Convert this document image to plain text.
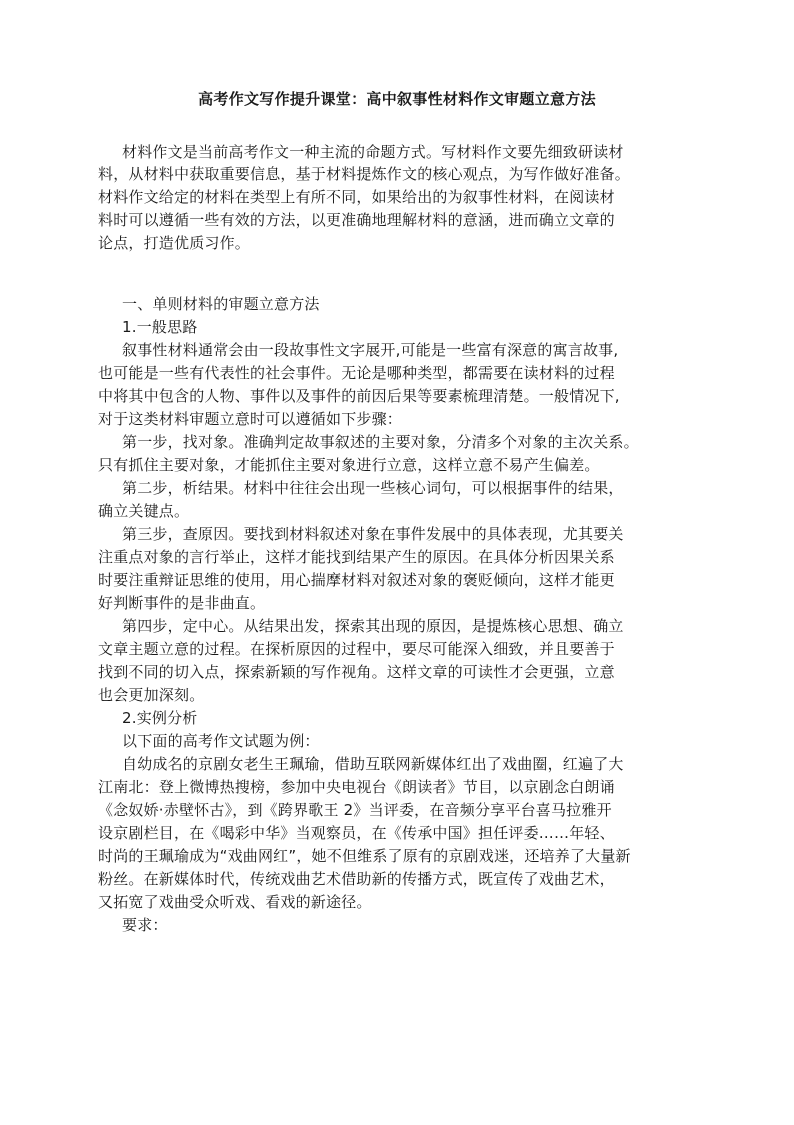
高考作文写作提升课堂：高中叙事性材料作文审题立意方法
材料作文是当前高考作文一种主流的命题方式。写材料作文要先细致研读材
料，从材料中获取重要信息，基于材料提炼作文的核心观点，为写作做好准备。
材料作文给定的材料在类型上有所不同，如果给出的为叙事性材料，在阅读材
料时可以遵循一些有效的方法，以更准确地理解材料的意涵，进而确立文章的
论点，打造优质习作。
一、单则材料的审题立意方法
1.一般思路
叙事性材料通常会由一段故事性文字展开,可能是一些富有深意的寓言故事,
也可能是一些有代表性的社会事件。无论是哪种类型，都需要在读材料的过程
中将其中包含的人物、事件以及事件的前因后果等要素梳理清楚。一般情况下,
对于这类材料审题立意时可以遵循如下步骤：
第一步，找对象。准确判定故事叙述的主要对象，分清多个对象的主次关系。
只有抓住主要对象，才能抓住主要对象进行立意，这样立意不易产生偏差。
第二步，析结果。材料中往往会出现一些核心词句，可以根据事件的结果，
确立关键点。
第三步，查原因。要找到材料叙述对象在事件发展中的具体表现，尤其要关
注重点对象的言行举止，这样才能找到结果产生的原因。在具体分析因果关系
时要注重辩证思维的使用，用心揣摩材料对叙述对象的褒贬倾向，这样才能更
好判断事件的是非曲直。
第四步，定中心。从结果出发，探索其出现的原因，是提炼核心思想、确立
文章主题立意的过程。在探析原因的过程中，要尽可能深入细致，并且要善于
找到不同的切入点，探索新颖的写作视角。这样文章的可读性才会更强，立意
也会更加深刻。
2.实例分析
以下面的高考作文试题为例：
自幼成名的京剧女老生王珮瑜，借助互联网新媒体红出了戏曲圈，红遍了大
江南北：登上微博热搜榜，参加中央电视台《朗读者》节目，以京剧念白朗诵
《念奴娇·赤壁怀古》，到《跨界歌王 2》当评委，在音频分享平台喜马拉雅开
设京剧栏目，在《喝彩中华》当观察员，在《传承中国》担任评委……年轻、
时尚的王珮瑜成为“戏曲网红”，她不但维系了原有的京剧戏迷，还培养了大量新
粉丝。在新媒体时代，传统戏曲艺术借助新的传播方式，既宣传了戏曲艺术，
又拓宽了戏曲受众听戏、看戏的新途径。
要求：
